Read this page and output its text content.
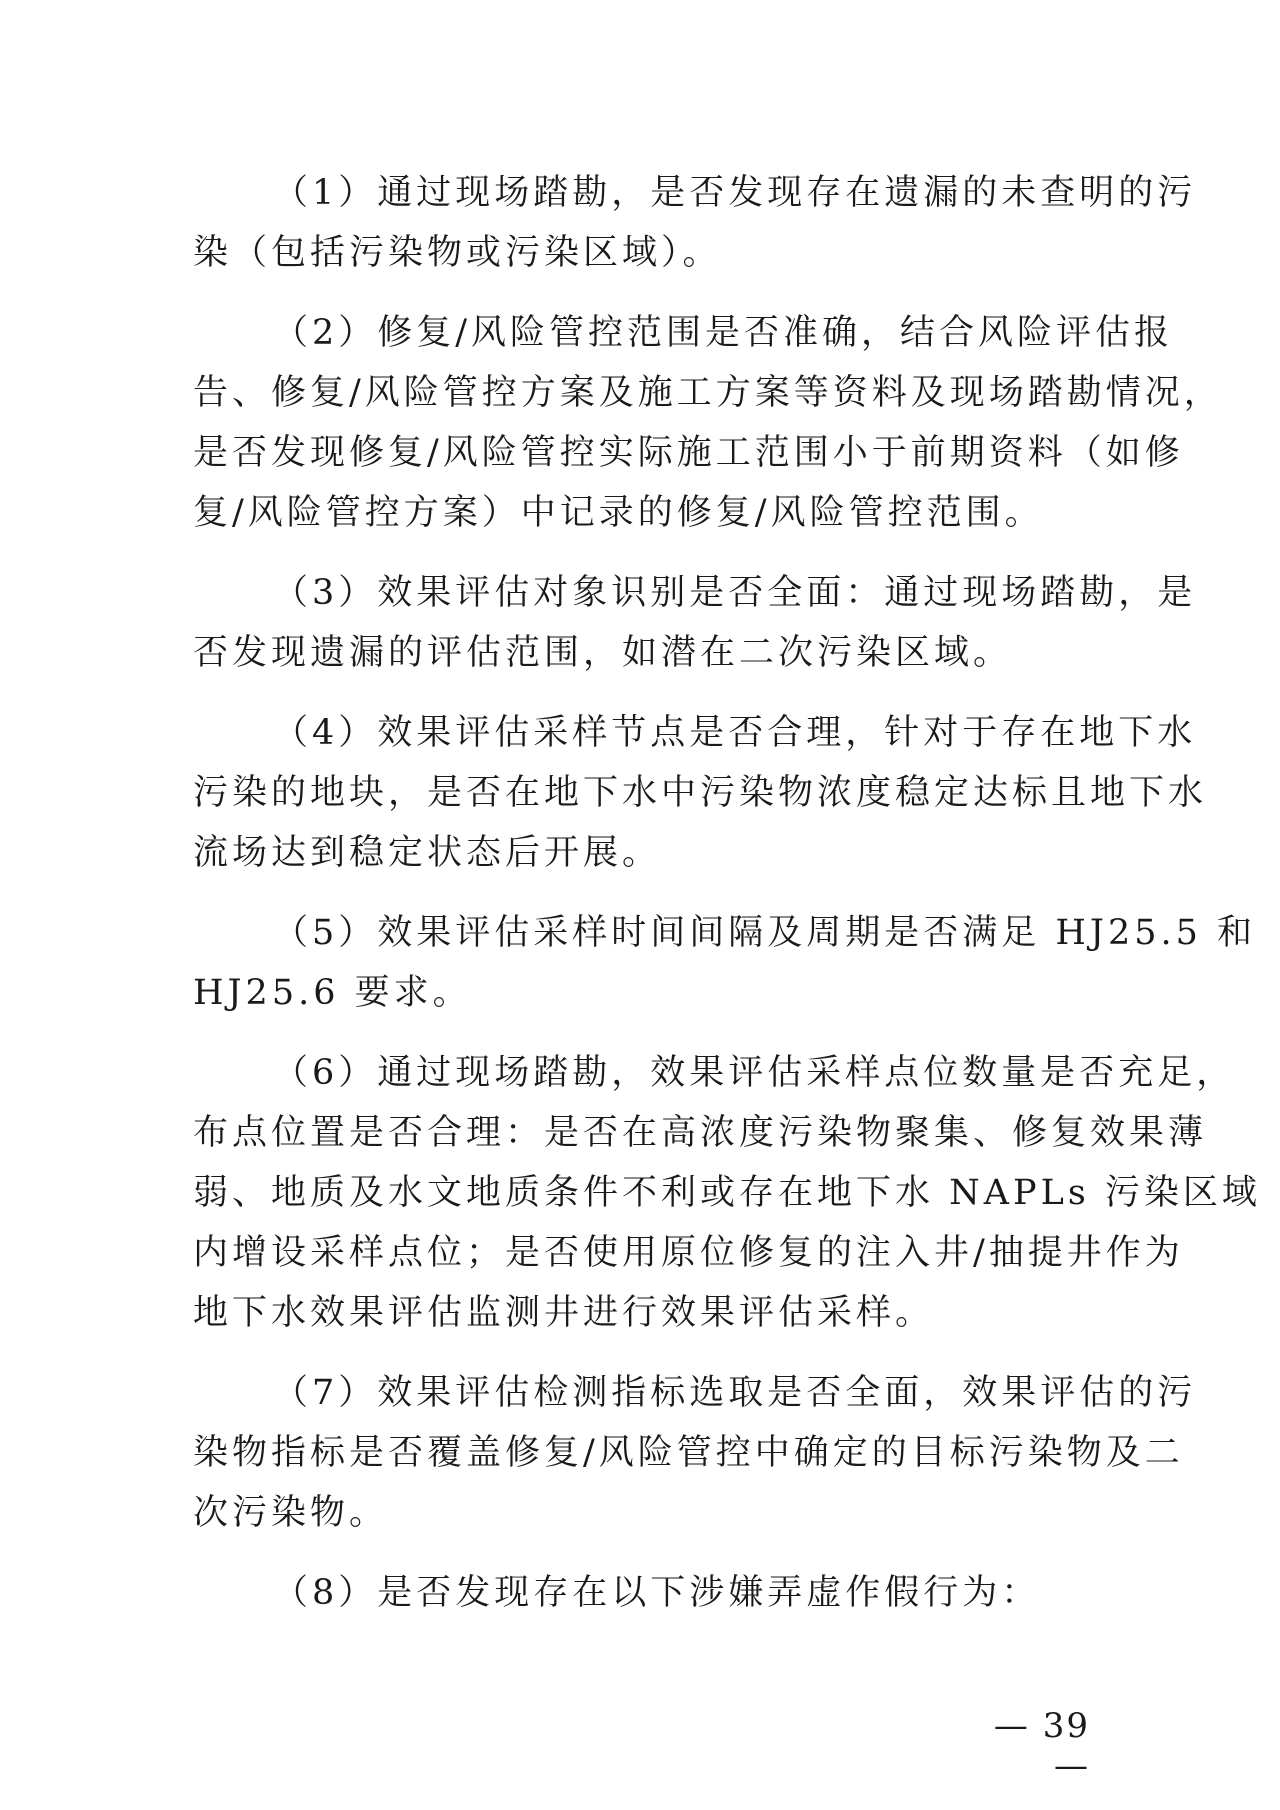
（1）通过现场踏勘，是否发现存在遗漏的未查明的污
染（包括污染物或污染区域）。

（2）修复/风险管控范围是否准确，结合风险评估报
告、修复/风险管控方案及施工方案等资料及现场踏勘情况，
是否发现修复/风险管控实际施工范围小于前期资料（如修
复/风险管控方案）中记录的修复/风险管控范围。

（3）效果评估对象识别是否全面：通过现场踏勘，是
否发现遗漏的评估范围，如潜在二次污染区域。

（4）效果评估采样节点是否合理，针对于存在地下水
污染的地块，是否在地下水中污染物浓度稳定达标且地下水
流场达到稳定状态后开展。

（5）效果评估采样时间间隔及周期是否满足 HJ25.5 和
HJ25.6 要求。

（6）通过现场踏勘，效果评估采样点位数量是否充足，
布点位置是否合理：是否在高浓度污染物聚集、修复效果薄
弱、地质及水文地质条件不利或存在地下水 NAPLs 污染区域
内增设采样点位；是否使用原位修复的注入井/抽提井作为
地下水效果评估监测井进行效果评估采样。

（7）效果评估检测指标选取是否全面，效果评估的污
染物指标是否覆盖修复/风险管控中确定的目标污染物及二
次污染物。

（8）是否发现存在以下涉嫌弄虚作假行为：

— 39 —
